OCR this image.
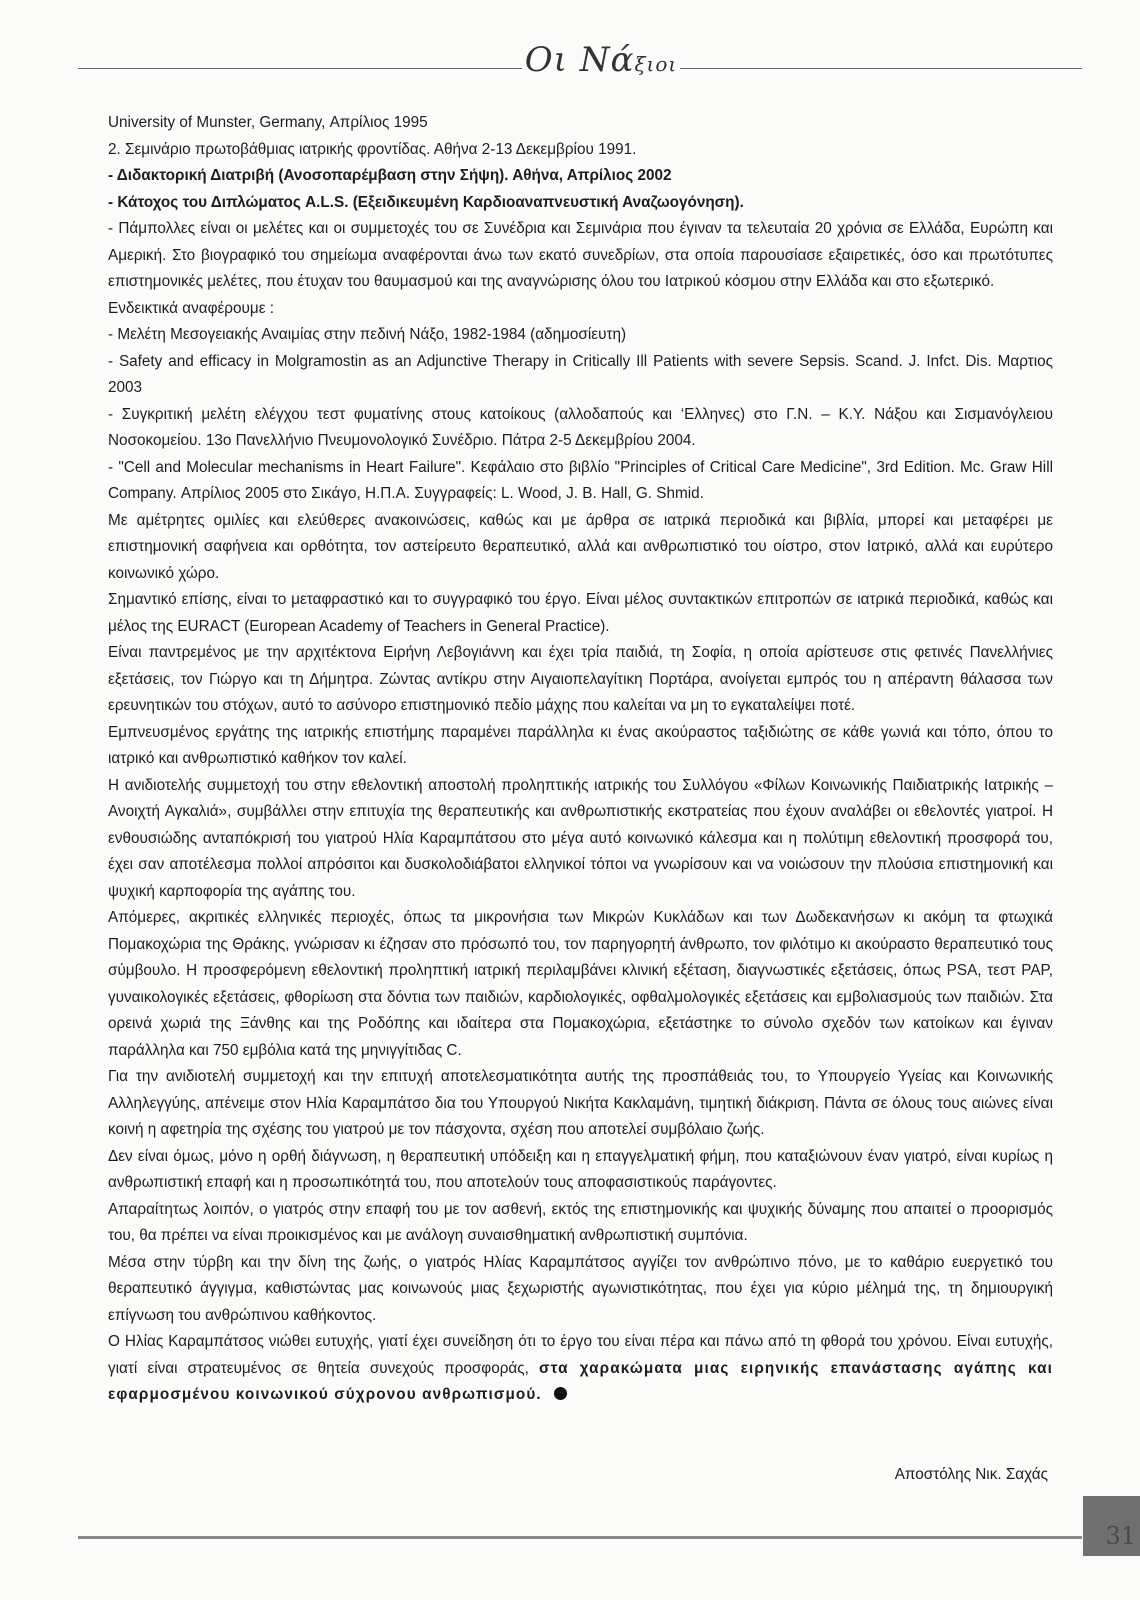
Οι Νάξιοι

University of Munster, Germany, Απρίλιος 1995

2. Σεμινάριο πρωτοβάθμιας ιατρικής φροντίδας. Αθήνα 2-13 Δεκεμβρίου 1991.

- Διδακτορική Διατριβή (Ανοσοπαρέμβαση στην Σήψη). Αθήνα, Απρίλιος 2002

- Κάτοχος του Διπλώματος A.L.S. (Εξειδικευμένη Καρδιοαναπνευστική Αναζωογόνηση).

- Πάμπολλες είναι οι μελέτες και οι συμμετοχές του σε Συνέδρια και Σεμινάρια που έγιναν τα τελευταία 20 χρόνια σε Ελλάδα, Ευρώπη και Αμερική. Στο βιογραφικό του σημείωμα αναφέρονται άνω των εκατό συνεδρίων, στα οποία παρουσίασε εξαιρετικές, όσο και πρωτότυπες επιστημονικές μελέτες, που έτυχαν του θαυμασμού και της αναγνώρισης όλου του Ιατρικού κόσμου στην Ελλάδα και στο εξωτερικό.

Ενδεικτικά αναφέρουμε :

- Μελέτη Μεσογειακής Αναιμίας στην πεδινή Νάξο, 1982-1984 (αδημοσίευτη)

- Safety and efficacy in Molgramostin as an Adjunctive Therapy in Critically Ill Patients with severe Sepsis. Scand. J. Infct. Dis. Μαρτιος 2003

- Συγκριτική μελέτη ελέγχου τεστ φυματίνης στους κατοίκους (αλλοδαπούς και ‘Ελληνες) στο Γ.Ν. – Κ.Υ. Νάξου και Σισμανόγλειου Νοσοκομείου. 13ο Πανελλήνιο Πνευμονολογικό Συνέδριο. Πάτρα 2-5 Δεκεμβρίου 2004.

- "Cell and Molecular mechanisms in Heart Failure". Κεφάλαιο στο βιβλίο "Principles of Critical Care Medicine", 3rd Edition. Mc. Graw Hill Company. Απρίλιος 2005 στο Σικάγο, Η.Π.Α. Συγγραφείς: L. Wood, J. B. Hall, G. Shmid.

Με αμέτρητες ομιλίες και ελεύθερες ανακοινώσεις, καθώς και με άρθρα σε ιατρικά περιοδικά και βιβλία, μπορεί και μεταφέρει με επιστημονική σαφήνεια και ορθότητα, τον αστείρευτο θεραπευτικό, αλλά και ανθρωπιστικό του οίστρο, στον Ιατρικό, αλλά και ευρύτερο κοινωνικό χώρο.

Σημαντικό επίσης, είναι το μεταφραστικό και το συγγραφικό του έργο. Είναι μέλος συντακτικών επιτροπών σε ιατρικά περιοδικά, καθώς και μέλος της EURACT (European Academy of Teachers in General Practice).

Είναι παντρεμένος με την αρχιτέκτονα Ειρήνη Λεβογιάννη και έχει τρία παιδιά, τη Σοφία, η οποία αρίστευσε στις φετινές Πανελλήνιες εξετάσεις, τον Γιώργο και τη Δήμητρα. Ζώντας αντίκρυ στην Αιγαιοπελαγίτικη Πορτάρα, ανοίγεται εμπρός του η απέραντη θάλασσα των ερευνητικών του στόχων, αυτό το ασύνορο επιστημονικό πεδίο μάχης που καλείται να μη το εγκαταλείψει ποτέ.

Εμπνευσμένος εργάτης της ιατρικής επιστήμης παραμένει παράλληλα κι ένας ακούραστος ταξιδιώτης σε κάθε γωνιά και τόπο, όπου το ιατρικό και ανθρωπιστικό καθήκον τον καλεί.

Η ανιδιοτελής συμμετοχή του στην εθελοντική αποστολή προληπτικής ιατρικής του Συλλόγου «Φίλων Κοινωνικής Παιδιατρικής Ιατρικής – Ανοιχτή Αγκαλιά», συμβάλλει στην επιτυχία της θεραπευτικής και ανθρωπιστικής εκστρατείας που έχουν αναλάβει οι εθελοντές γιατροί. Η ενθουσιώδης ανταπόκρισή του γιατρού Ηλία Καραμπάτσου στο μέγα αυτό κοινωνικό κάλεσμα και η πολύτιμη εθελοντική προσφορά του, έχει σαν αποτέλεσμα πολλοί απρόσιτοι και δυσκολοδιάβατοι ελληνικοί τόποι να γνωρίσουν και να νοιώσουν την πλούσια επιστημονική και ψυχική καρποφορία της αγάπης του.

Απόμερες, ακριτικές ελληνικές περιοχές, όπως τα μικρονήσια των Μικρών Κυκλάδων και των Δωδεκανήσων κι ακόμη τα φτωχικά Πομακοχώρια της Θράκης, γνώρισαν κι έζησαν στο πρόσωπό του, τον παρηγορητή άνθρωπο, τον φιλότιμο κι ακούραστο θεραπευτικό τους σύμβουλο. Η προσφερόμενη εθελοντική προληπτική ιατρική περιλαμβάνει κλινική εξέταση, διαγνωστικές εξετάσεις, όπως PSA, τεστ PAP, γυναικολογικές εξετάσεις, φθορίωση στα δόντια των παιδιών, καρδιολογικές, οφθαλμολογικές εξετάσεις και εμβολιασμούς των παιδιών. Στα ορεινά χωριά της Ξάνθης και της Ροδόπης και ιδαίτερα στα Πομακοχώρια, εξετάστηκε το σύνολο σχεδόν των κατοίκων και έγιναν παράλληλα και 750 εμβόλια κατά της μηνιγγίτιδας C.

Για την ανιδιοτελή συμμετοχή και την επιτυχή αποτελεσματικότητα αυτής της προσπάθειάς του, το Υπουργείο Υγείας και Κοινωνικής Αλληλεγγύης, απένειμε στον Ηλία Καραμπάτσο δια του Υπουργού Νικήτα Κακλαμάνη, τιμητική διάκριση. Πάντα σε όλους τους αιώνες είναι κοινή η αφετηρία της σχέσης του γιατρού με τον πάσχοντα, σχέση που αποτελεί συμβόλαιο ζωής.

Δεν είναι όμως, μόνο η ορθή διάγνωση, η θεραπευτική υπόδειξη και η επαγγελματική φήμη, που καταξιώνουν έναν γιατρό, είναι κυρίως η ανθρωπιστική επαφή και η προσωπικότητά του, που αποτελούν τους αποφασιστικούς παράγοντες.

Απαραίτητως λοιπόν, ο γιατρός στην επαφή του με τον ασθενή, εκτός της επιστημονικής και ψυχικής δύναμης που απαιτεί ο προορισμός του, θα πρέπει να είναι προικισμένος και με ανάλογη συναισθηματική ανθρωπιστική συμπόνια.

Μέσα στην τύρβη και την δίνη της ζωής, ο γιατρός Ηλίας Καραμπάτσος αγγίζει τον ανθρώπινο πόνο, με το καθάριο ευεργετικό του θεραπευτικό άγγιγμα, καθιστώντας μας κοινωνούς μιας ξεχωριστής αγωνιστικότητας, που έχει για κύριο μέλημά της, τη δημιουργική επίγνωση του ανθρώπινου καθήκοντος.

Ο Ηλίας Καραμπάτσος νιώθει ευτυχής, γιατί έχει συνείδηση ότι το έργο του είναι πέρα και πάνω από τη φθορά του χρόνου. Είναι ευτυχής, γιατί είναι στρατευμένος σε θητεία συνεχούς προσφοράς, στα χαρακώματα μιας ειρηνικής επανάστασης αγάπης και εφαρμοσμένου κοινωνικού σύχρονου ανθρωπισμού.

Αποστόλης Νικ. Σαχάς
31
